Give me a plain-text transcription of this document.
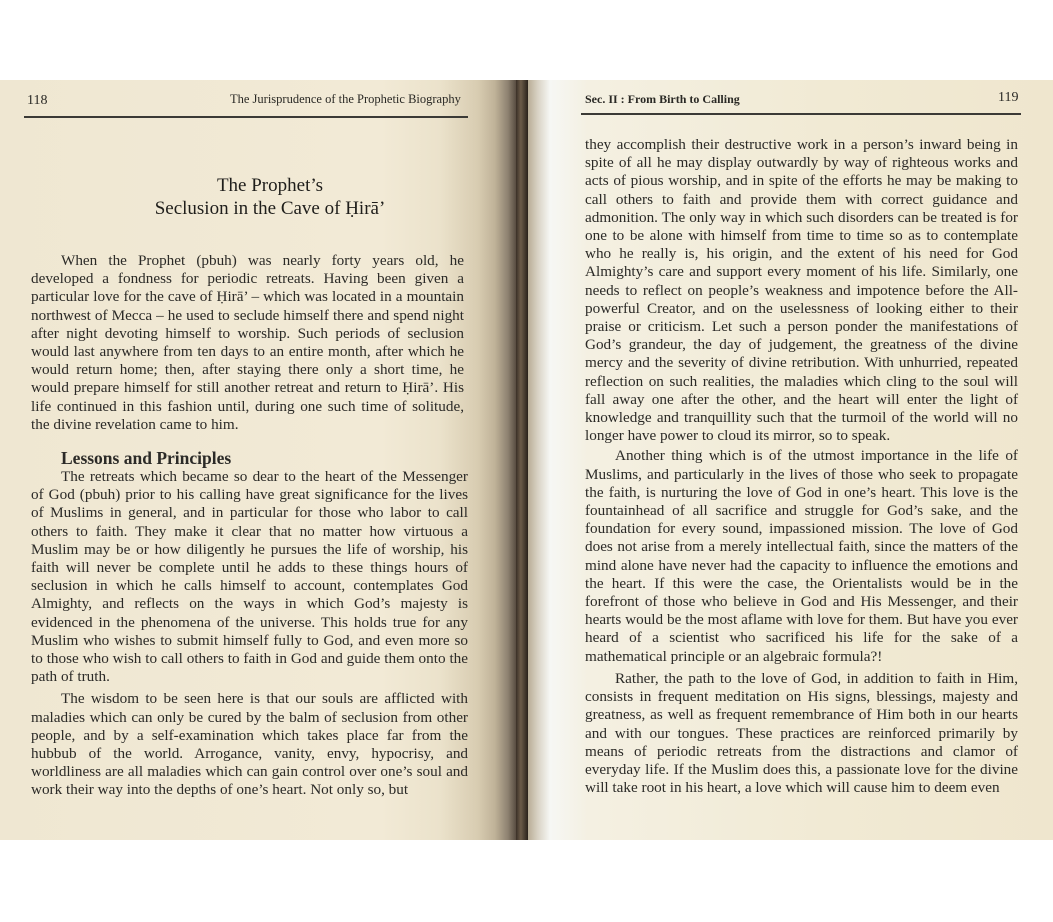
118	The Jurisprudence of the Prophetic Biography
The Prophet’s
Seclusion in the Cave of Ḥirā’

When the Prophet (pbuh) was nearly forty years old, he developed a fondness for periodic retreats. Having been given a particular love for the cave of Ḥirā’ – which was located in a mountain northwest of Mecca – he used to seclude himself there and spend night after night devoting himself to worship. Such periods of seclusion would last anywhere from ten days to an entire month, after which he would return home; then, after staying there only a short time, he would prepare himself for still another retreat and return to Ḥirā’. His life continued in this fashion until, during one such time of solitude, the divine revelation came to him.

Lessons and Principles

The retreats which became so dear to the heart of the Messenger of God (pbuh) prior to his calling have great significance for the lives of Muslims in general, and in particular for those who labor to call others to faith. They make it clear that no matter how virtuous a Muslim may be or how diligently he pursues the life of worship, his faith will never be complete until he adds to these things hours of seclusion in which he calls himself to account, contemplates God Almighty, and reflects on the ways in which God’s majesty is evidenced in the phenomena of the universe. This holds true for any Muslim who wishes to submit himself fully to God, and even more so to those who wish to call others to faith in God and guide them onto the path of truth.

The wisdom to be seen here is that our souls are afflicted with maladies which can only be cured by the balm of seclusion from other people, and by a self-examination which takes place far from the hubbub of the world. Arrogance, vanity, envy, hypocrisy, and worldliness are all maladies which can gain control over one’s soul and work their way into the depths of one’s heart. Not only so, but

Sec. II : From Birth to Calling	119

they accomplish their destructive work in a person’s inward being in spite of all he may display outwardly by way of righteous works and acts of pious worship, and in spite of the efforts he may be making to call others to faith and provide them with correct guidance and admonition. The only way in which such disorders can be treated is for one to be alone with himself from time to time so as to contemplate who he really is, his origin, and the extent of his need for God Almighty’s care and support every moment of his life. Similarly, one needs to reflect on people’s weakness and impotence before the All-powerful Creator, and on the uselessness of looking either to their praise or criticism. Let such a person ponder the manifestations of God’s grandeur, the day of judgement, the greatness of the divine mercy and the severity of divine retribution. With unhurried, repeated reflection on such realities, the maladies which cling to the soul will fall away one after the other, and the heart will enter the light of knowledge and tranquillity such that the turmoil of the world will no longer have power to cloud its mirror, so to speak.

Another thing which is of the utmost importance in the life of Muslims, and particularly in the lives of those who seek to propagate the faith, is nurturing the love of God in one’s heart. This love is the fountainhead of all sacrifice and struggle for God’s sake, and the foundation for every sound, impassioned mission. The love of God does not arise from a merely intellectual faith, since the matters of the mind alone have never had the capacity to influence the emotions and the heart. If this were the case, the Orientalists would be in the forefront of those who believe in God and His Messenger, and their hearts would be the most aflame with love for them. But have you ever heard of a scientist who sacrificed his life for the sake of a mathematical principle or an algebraic formula?!

Rather, the path to the love of God, in addition to faith in Him, consists in frequent meditation on His signs, blessings, majesty and greatness, as well as frequent remembrance of Him both in our hearts and with our tongues. These practices are reinforced primarily by means of periodic retreats from the distractions and clamor of everyday life. If the Muslim does this, a passionate love for the divine will take root in his heart, a love which will cause him to deem even
